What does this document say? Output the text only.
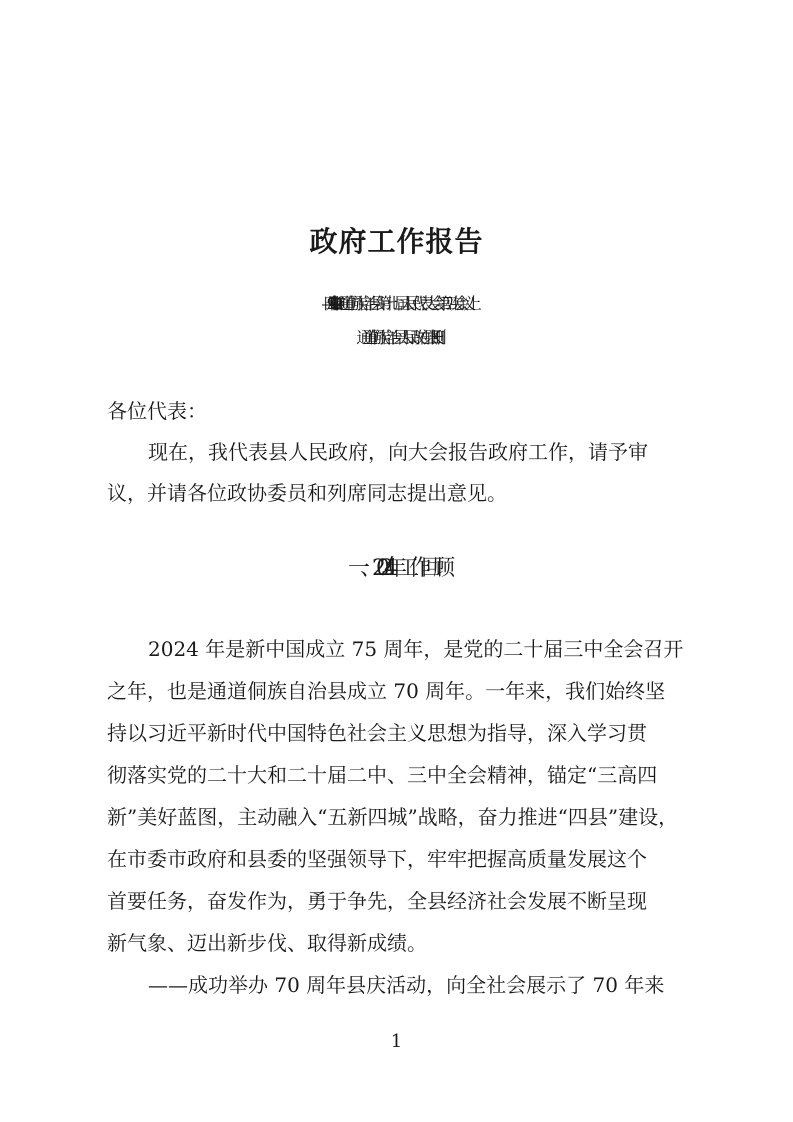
政府工作报告
——2024 年 12 月 19 日在通道侗族自治县第十七届人民代表大会第四次会议上
通道侗族自治县人民政府县长 田 刚
各位代表：
现在，我代表县人民政府，向大会报告政府工作，请予审
议，并请各位政协委员和列席同志提出意见。
一、2024 年工作回顾
2024 年是新中国成立 75 周年，是党的二十届三中全会召开
之年，也是通道侗族自治县成立 70 周年。一年来，我们始终坚
持以习近平新时代中国特色社会主义思想为指导，深入学习贯
彻落实党的二十大和二十届二中、三中全会精神，锚定“三高四
新”美好蓝图，主动融入“五新四城”战略，奋力推进“四县”建设，
在市委市政府和县委的坚强领导下，牢牢把握高质量发展这个
首要任务，奋发作为，勇于争先，全县经济社会发展不断呈现
新气象、迈出新步伐、取得新成绩。
——成功举办 70 周年县庆活动，向全社会展示了 70 年来
1
